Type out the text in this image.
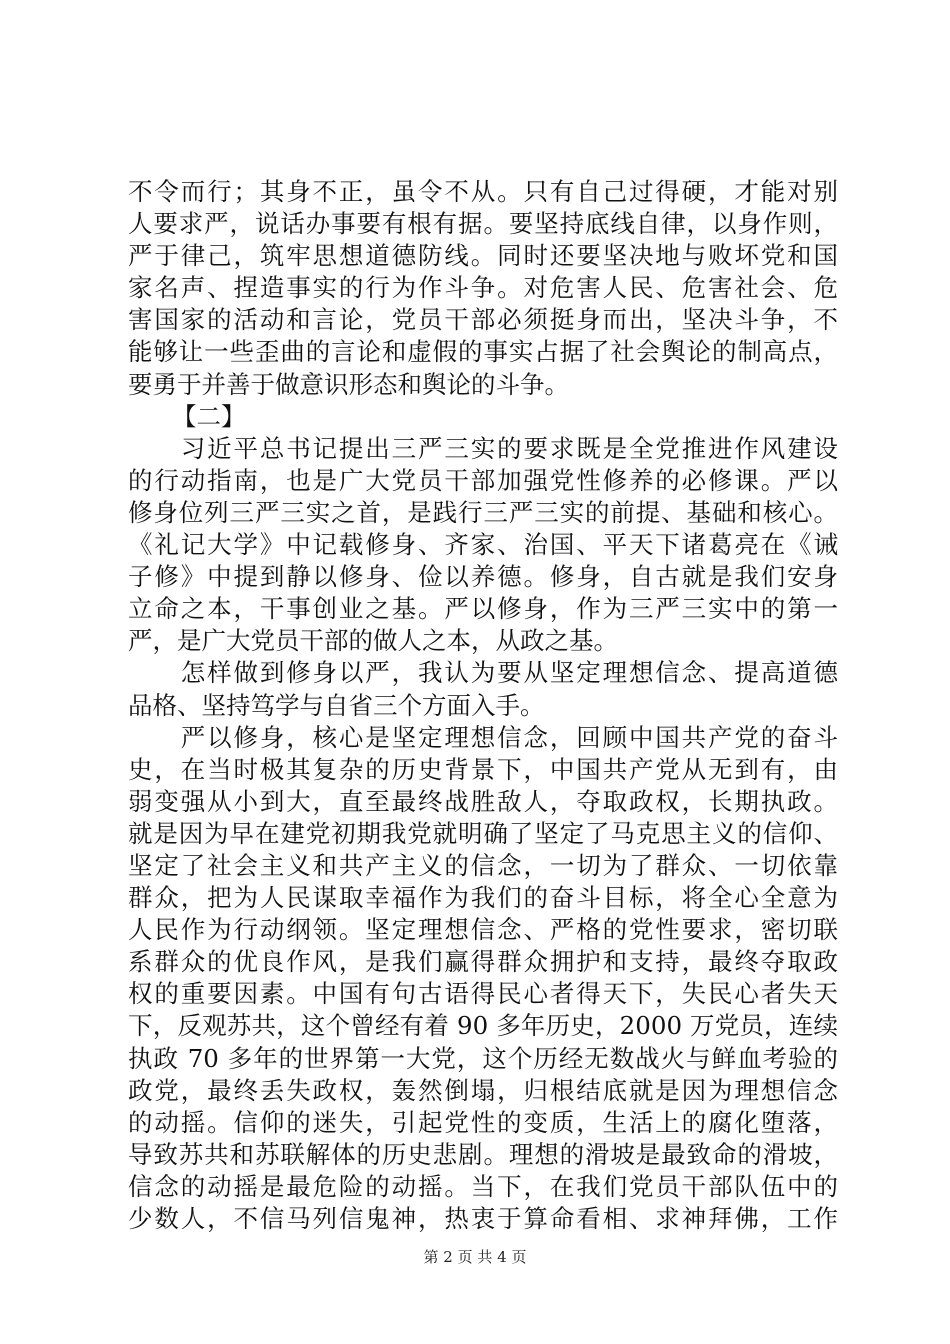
不令而行；其身不正，虽令不从。只有自己过得硬，才能对别
人要求严，说话办事要有根有据。要坚持底线自律，以身作则，
严于律己，筑牢思想道德防线。同时还要坚决地与败坏党和国
家名声、捏造事实的行为作斗争。对危害人民、危害社会、危
害国家的活动和言论，党员干部必须挺身而出，坚决斗争，不
能够让一些歪曲的言论和虚假的事实占据了社会舆论的制高点，
要勇于并善于做意识形态和舆论的斗争。
【二】
　　习近平总书记提出三严三实的要求既是全党推进作风建设
的行动指南，也是广大党员干部加强党性修养的必修课。严以
修身位列三严三实之首，是践行三严三实的前提、基础和核心。
《礼记大学》中记载修身、齐家、治国、平天下诸葛亮在《诫
子修》中提到静以修身、俭以养德。修身，自古就是我们安身
立命之本，干事创业之基。严以修身，作为三严三实中的第一
严，是广大党员干部的做人之本，从政之基。
　　怎样做到修身以严，我认为要从坚定理想信念、提高道德
品格、坚持笃学与自省三个方面入手。
　　严以修身，核心是坚定理想信念，回顾中国共产党的奋斗
史，在当时极其复杂的历史背景下，中国共产党从无到有，由
弱变强从小到大，直至最终战胜敌人，夺取政权，长期执政。
就是因为早在建党初期我党就明确了坚定了马克思主义的信仰、
坚定了社会主义和共产主义的信念，一切为了群众、一切依靠
群众，把为人民谋取幸福作为我们的奋斗目标，将全心全意为
人民作为行动纲领。坚定理想信念、严格的党性要求，密切联
系群众的优良作风，是我们赢得群众拥护和支持，最终夺取政
权的重要因素。中国有句古语得民心者得天下，失民心者失天
下，反观苏共，这个曾经有着 90 多年历史，2000 万党员，连续
执政 70 多年的世界第一大党，这个历经无数战火与鲜血考验的
政党，最终丢失政权，轰然倒塌，归根结底就是因为理想信念
的动摇。信仰的迷失，引起党性的变质，生活上的腐化堕落，
导致苏共和苏联解体的历史悲剧。理想的滑坡是最致命的滑坡，
信念的动摇是最危险的动摇。当下，在我们党员干部队伍中的
少数人，不信马列信鬼神，热衷于算命看相、求神拜佛，工作
第 2 页 共 4 页
